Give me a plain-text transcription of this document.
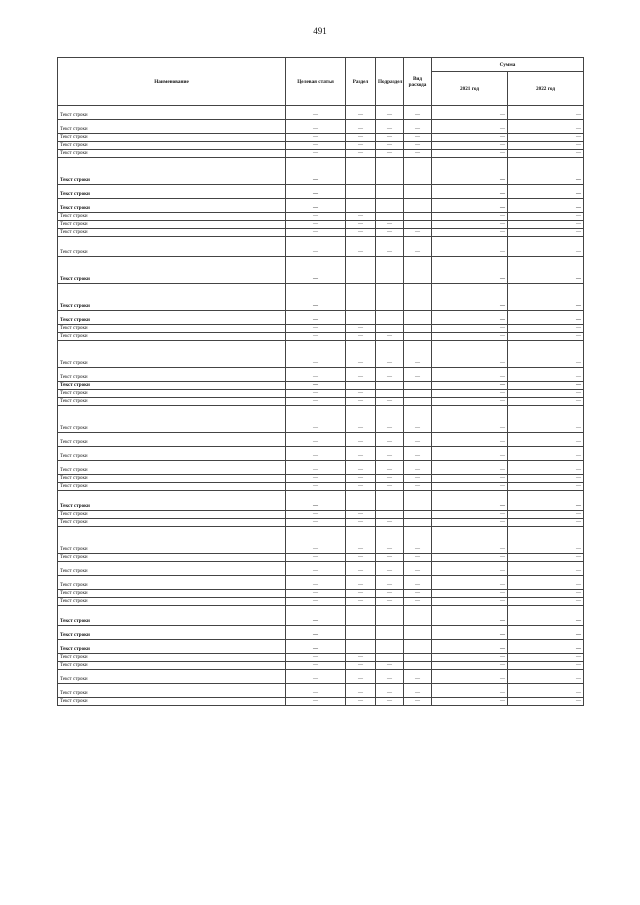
491
Наименование	Целевая статья	Раздел	Подраздел	Вид расхода	Сумма	
					2021 год	2022 год
Текст строки	—	—	—	—	—	—
Текст строки	—	—	—	—	—	—
Текст строки	—	—	—	—	—	—
Текст строки	—	—	—	—	—	—
Текст строки	—	—	—	—	—	—
Текст строки	—				—	—
Текст строки	—				—	—
Текст строки	—				—	—
Текст строки	—	—			—	—
Текст строки	—	—	—		—	—
Текст строки	—	—	—	—	—	—
Текст строки	—	—	—	—	—	—
Текст строки	—				—	—
Текст строки	—				—	—
Текст строки	—				—	—
Текст строки	—	—			—	—
Текст строки	—	—	—		—	—
Текст строки	—	—	—	—	—	—
Текст строки	—	—	—	—	—	—
Текст строки	—				—	—
Текст строки	—	—			—	—
Текст строки	—	—	—		—	—
Текст строки	—	—	—	—	—	—
Текст строки	—	—	—	—	—	—
Текст строки	—	—	—	—	—	—
Текст строки	—	—	—	—	—	—
Текст строки	—	—	—	—	—	—
Текст строки	—	—	—	—	—	—
Текст строки	—				—	—
Текст строки	—	—			—	—
Текст строки	—	—	—		—	—
Текст строки	—	—	—	—	—	—
Текст строки	—	—	—	—	—	—
Текст строки	—	—	—	—	—	—
Текст строки	—	—	—	—	—	—
Текст строки	—	—	—	—	—	—
Текст строки	—	—	—	—	—	—
Текст строки	—				—	—
Текст строки	—				—	—
Текст строки	—				—	—
Текст строки	—	—			—	—
Текст строки	—	—	—		—	—
Текст строки	—	—	—	—	—	—
Текст строки	—	—	—	—	—	—
Текст строки	—	—	—	—	—	—
